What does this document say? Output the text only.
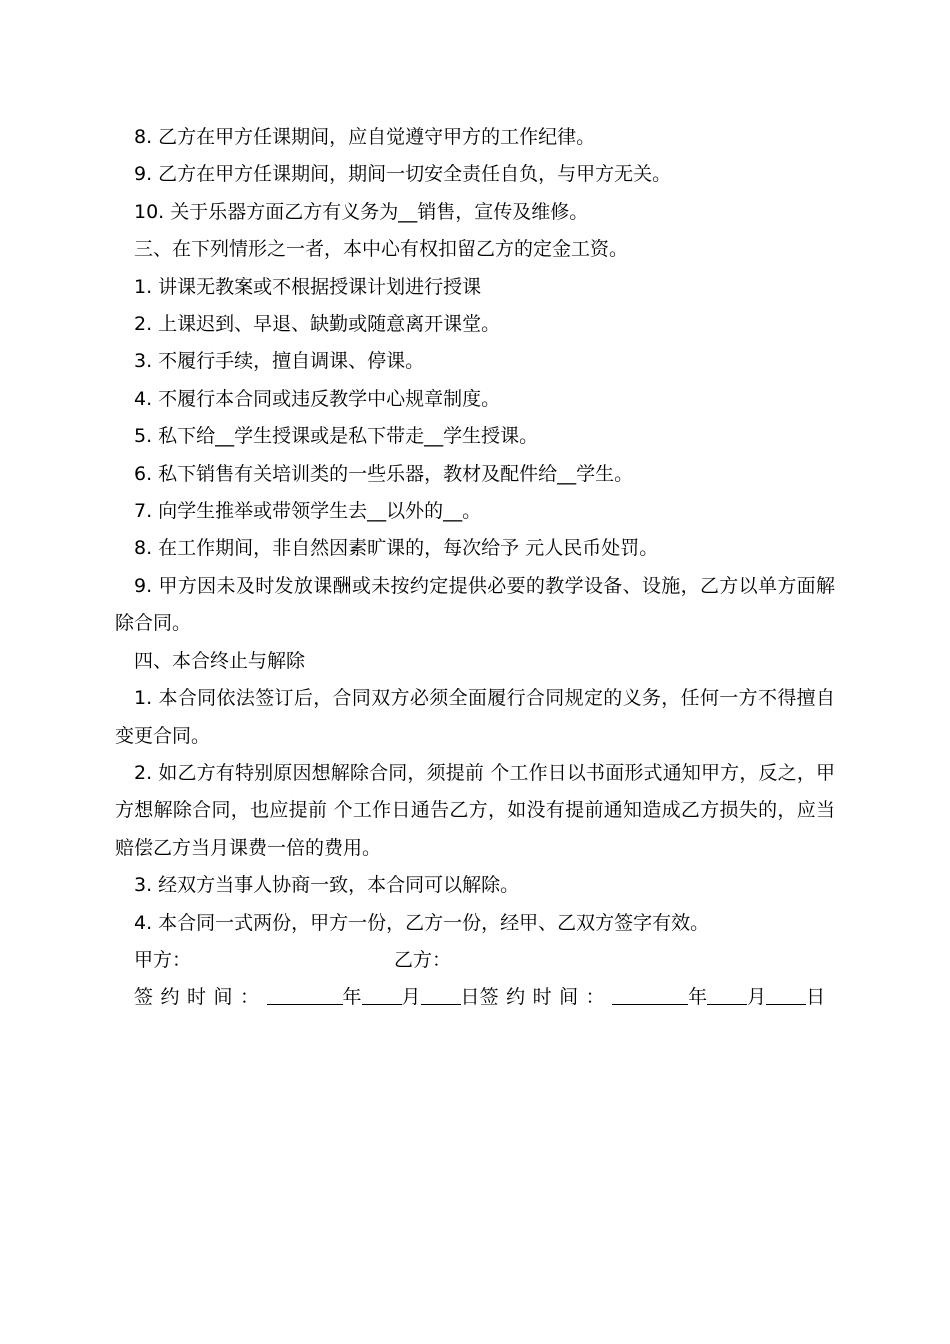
8. 乙方在甲方任课期间，应自觉遵守甲方的工作纪律。

9. 乙方在甲方任课期间，期间一切安全责任自负，与甲方无关。

10. 关于乐器方面乙方有义务为__销售，宣传及维修。

三、在下列情形之一者，本中心有权扣留乙方的定金工资。

1. 讲课无教案或不根据授课计划进行授课

2. 上课迟到、早退、缺勤或随意离开课堂。

3. 不履行手续，擅自调课、停课。

4. 不履行本合同或违反教学中心规章制度。

5. 私下给__学生授课或是私下带走__学生授课。

6. 私下销售有关培训类的一些乐器，教材及配件给__学生。

7. 向学生推举或带领学生去__以外的__。

8. 在工作期间，非自然因素旷课的，每次给予 元人民币处罚。

9. 甲方因未及时发放课酬或未按约定提供必要的教学设备、设施，乙方以单方面解除合同。

四、本合终止与解除

1. 本合同依法签订后，合同双方必须全面履行合同规定的义务，任何一方不得擅自变更合同。

2. 如乙方有特别原因想解除合同，须提前 个工作日以书面形式通知甲方，反之，甲方想解除合同，也应提前 个工作日通告乙方，如没有提前通知造成乙方损失的，应当赔偿乙方当月课费一倍的费用。

3. 经双方当事人协商一致，本合同可以解除。

4. 本合同一式两份，甲方一份，乙方一份，经甲、乙双方签字有效。

甲方：	乙方：
签约时间：	年 月 日签约时间：	年 月 日
